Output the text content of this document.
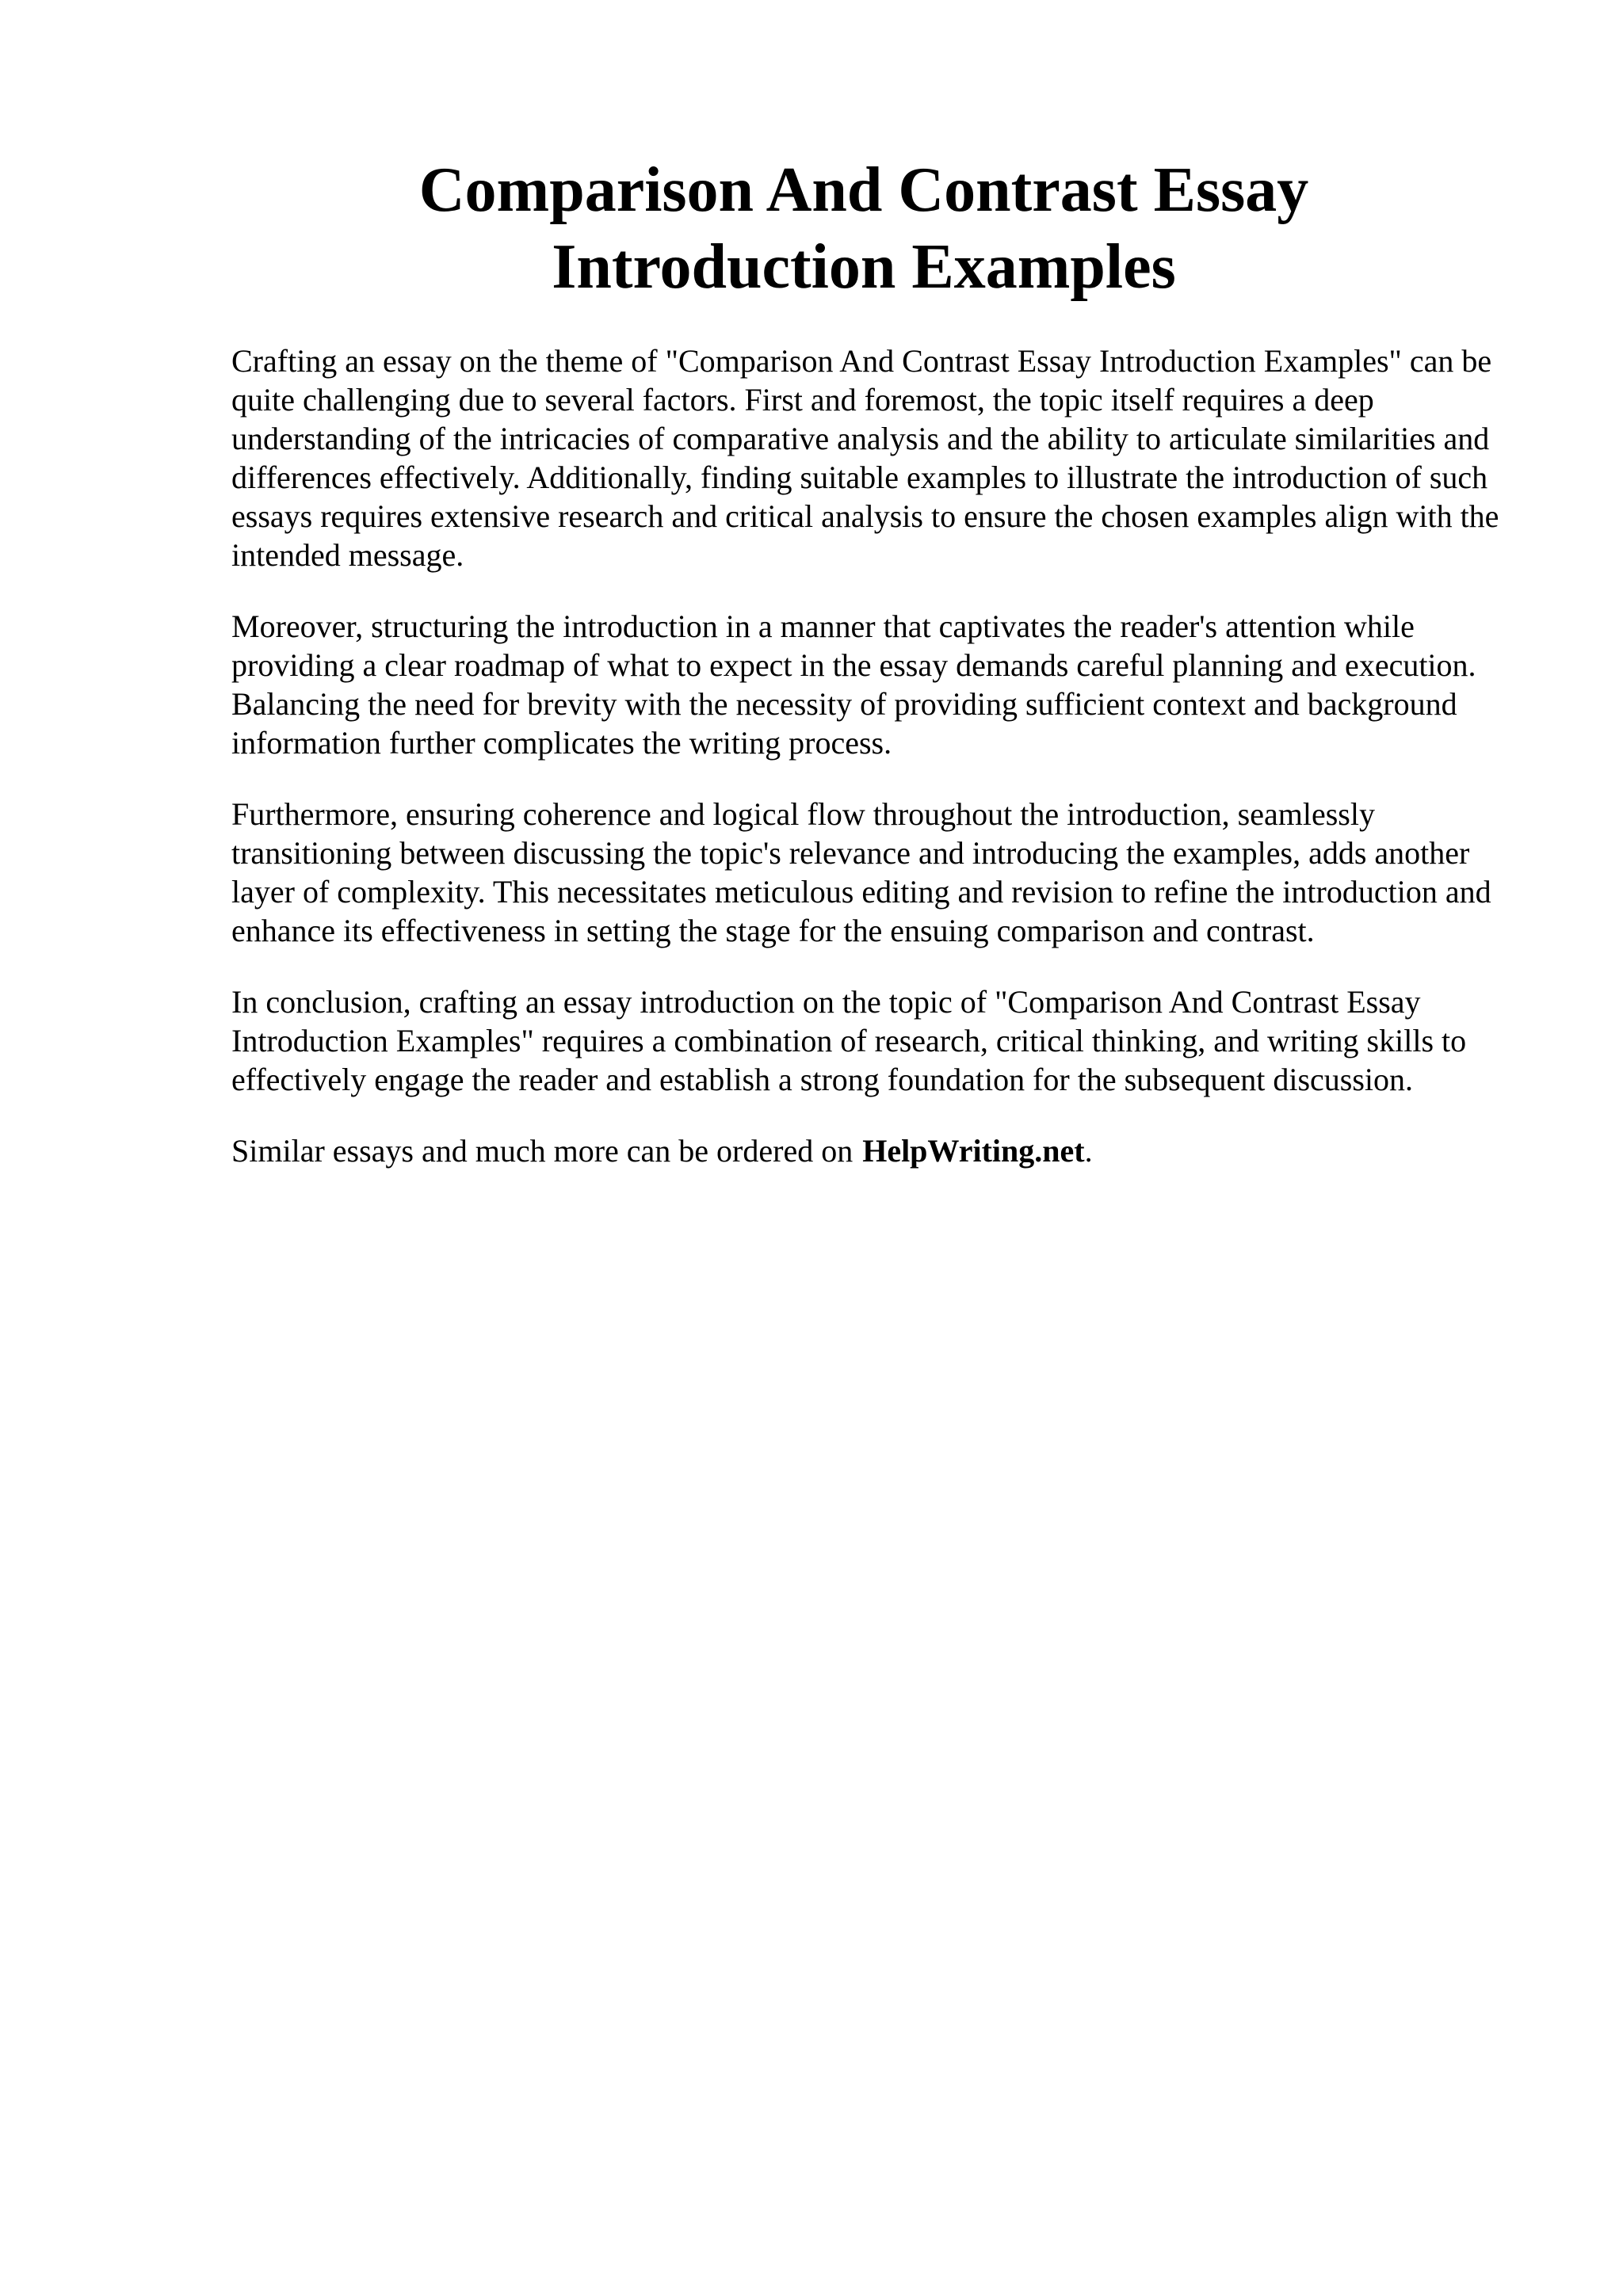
Comparison And Contrast Essay
Introduction Examples

Crafting an essay on the theme of "Comparison And Contrast Essay Introduction Examples" can be quite challenging due to several factors. First and foremost, the topic itself requires a deep understanding of the intricacies of comparative analysis and the ability to articulate similarities and differences effectively. Additionally, finding suitable examples to illustrate the introduction of such essays requires extensive research and critical analysis to ensure the chosen examples align with the intended message.

Moreover, structuring the introduction in a manner that captivates the reader's attention while providing a clear roadmap of what to expect in the essay demands careful planning and execution. Balancing the need for brevity with the necessity of providing sufficient context and background information further complicates the writing process.

Furthermore, ensuring coherence and logical flow throughout the introduction, seamlessly transitioning between discussing the topic's relevance and introducing the examples, adds another layer of complexity. This necessitates meticulous editing and revision to refine the introduction and enhance its effectiveness in setting the stage for the ensuing comparison and contrast.

In conclusion, crafting an essay introduction on the topic of "Comparison And Contrast Essay Introduction Examples" requires a combination of research, critical thinking, and writing skills to effectively engage the reader and establish a strong foundation for the subsequent discussion.

Similar essays and much more can be ordered on HelpWriting.net.
